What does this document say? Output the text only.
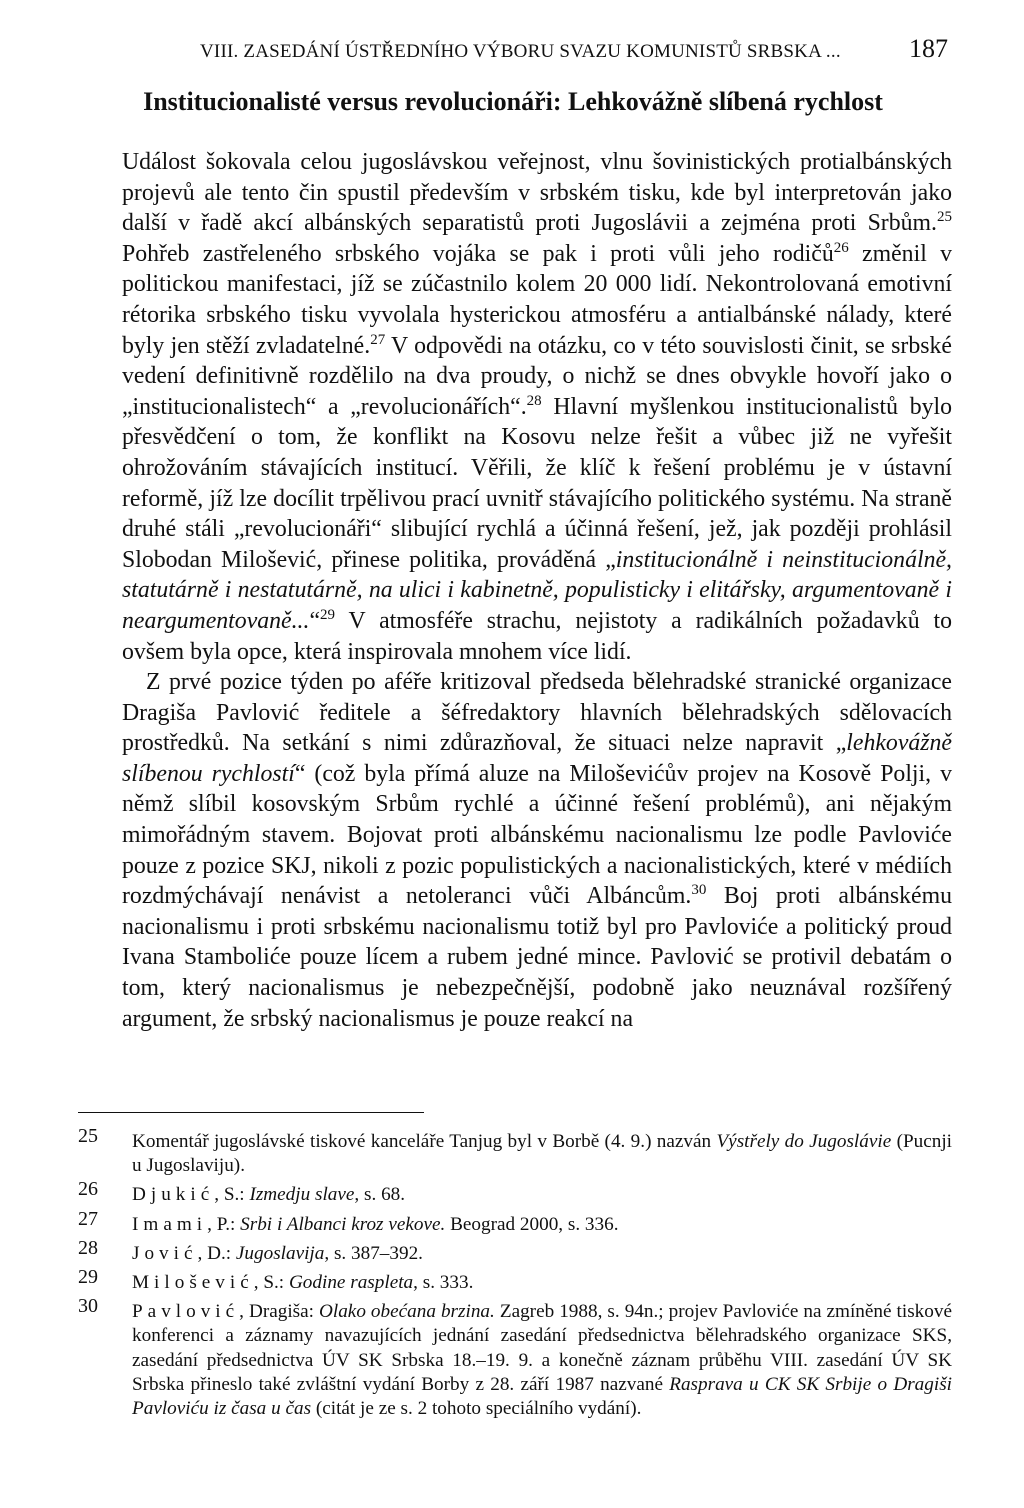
VIII. ZASEDÁNÍ ÚSTŘEDNÍHO VÝBORU SVAZU KOMUNISTŮ SRBSKA ...	187
Institucionalisté versus revolucionáři: Lehkovážně slíbená rychlost

Událost šokovala celou jugoslávskou veřejnost, vlnu šovinistických protialbánských projevů ale tento čin spustil především v srbském tisku, kde byl interpretován jako další v řadě akcí albánských separatistů proti Jugoslávii a zejména proti Srbům.$^{25}$ Pohřeb zastřeleného srbského vojáka se pak i proti vůli jeho rodičů$^{26}$ změnil v politickou manifestaci, jíž se zúčastnilo kolem 20 000 lidí. Nekontrolovaná emotivní rétorika srbského tisku vyvolala hysterickou atmosféru a antialbánské nálady, které byly jen stěží zvladatelné.$^{27}$ V odpovědi na otázku, co v této souvislosti činit, se srbské vedení definitivně rozdělilo na dva proudy, o nichž se dnes obvykle hovoří jako o „institucionalistech“ a „revolucionářích“.$^{28}$ Hlavní myšlenkou institucionalistů bylo přesvědčení o tom, že konflikt na Kosovu nelze řešit a vůbec již ne vyřešit ohrožováním stávajících institucí. Věřili, že klíč k řešení problému je v ústavní reformě, jíž lze docílit trpělivou prací uvnitř stávajícího politického systému. Na straně druhé stáli „revolucionáři“ slibující rychlá a účinná řešení, jež, jak později prohlásil Slobodan Milošević, přinese politika, prováděná „institucionálně i neinstitucionálně, statutárně i nestatutárně, na ulici i kabinetně, populisticky i elitářsky, argumentovaně i neargumentovaně...“$^{29}$ V atmosféře strachu, nejistoty a radikálních požadavků to ovšem byla opce, která inspirovala mnohem více lidí.

Z prvé pozice týden po aféře kritizoval předseda bělehradské stranické organizace Dragiša Pavlović ředitele a šéfredaktory hlavních bělehradských sdělovacích prostředků. Na setkání s nimi zdůrazňoval, že situaci nelze napravit „lehkovážně slíbenou rychlostí“ (což byla přímá aluze na Miloševićův projev na Kosově Polji, v němž slíbil kosovským Srbům rychlé a účinné řešení problémů), ani nějakým mimořádným stavem. Bojovat proti albánskému nacionalismu lze podle Pavloviće pouze z pozice SKJ, nikoli z pozic populistických a nacionalistických, které v médiích rozdmýchávají nenávist a netoleranci vůči Albáncům.$^{30}$ Boj proti albánskému nacionalismu i proti srbskému nacionalismu totiž byl pro Pavloviće a politický proud Ivana Stamboliće pouze lícem a rubem jedné mince. Pavlović se protivil debatám o tom, který nacionalismus je nebezpečnější, podobně jako neuznával rozšířený argument, že srbský nacionalismus je pouze reakcí na

25	Komentář jugoslávské tiskové kanceláře Tanjug byl v Borbě (4. 9.) nazván Výstřely do Jugoslávie (Pucnji u Jugoslaviju).
26	Djukić, S.: Izmedju slave, s. 68.
27	Imami, P.: Srbi i Albanci kroz vekove. Beograd 2000, s. 336.
28	Jović, D.: Jugoslavija, s. 387–392.
29	Milošević, S.: Godine raspleta, s. 333.
30	Pavlović, Dragiša: Olako obećana brzina. Zagreb 1988, s. 94n.; projev Pavloviće na zmíněné tiskové konferenci a záznamy navazujících jednání zasedání předsednictva bělehradského organizace SKS, zasedání předsednictva ÚV SK Srbska 18.–19. 9. a konečně záznam průběhu VIII. zasedání ÚV SK Srbska přineslo také zvláštní vydání Borby z 28. září 1987 nazvané Rasprava u CK SK Srbije o Dragiši Pavloviću iz časa u čas (citát je ze s. 2 tohoto speciálního vydání).
